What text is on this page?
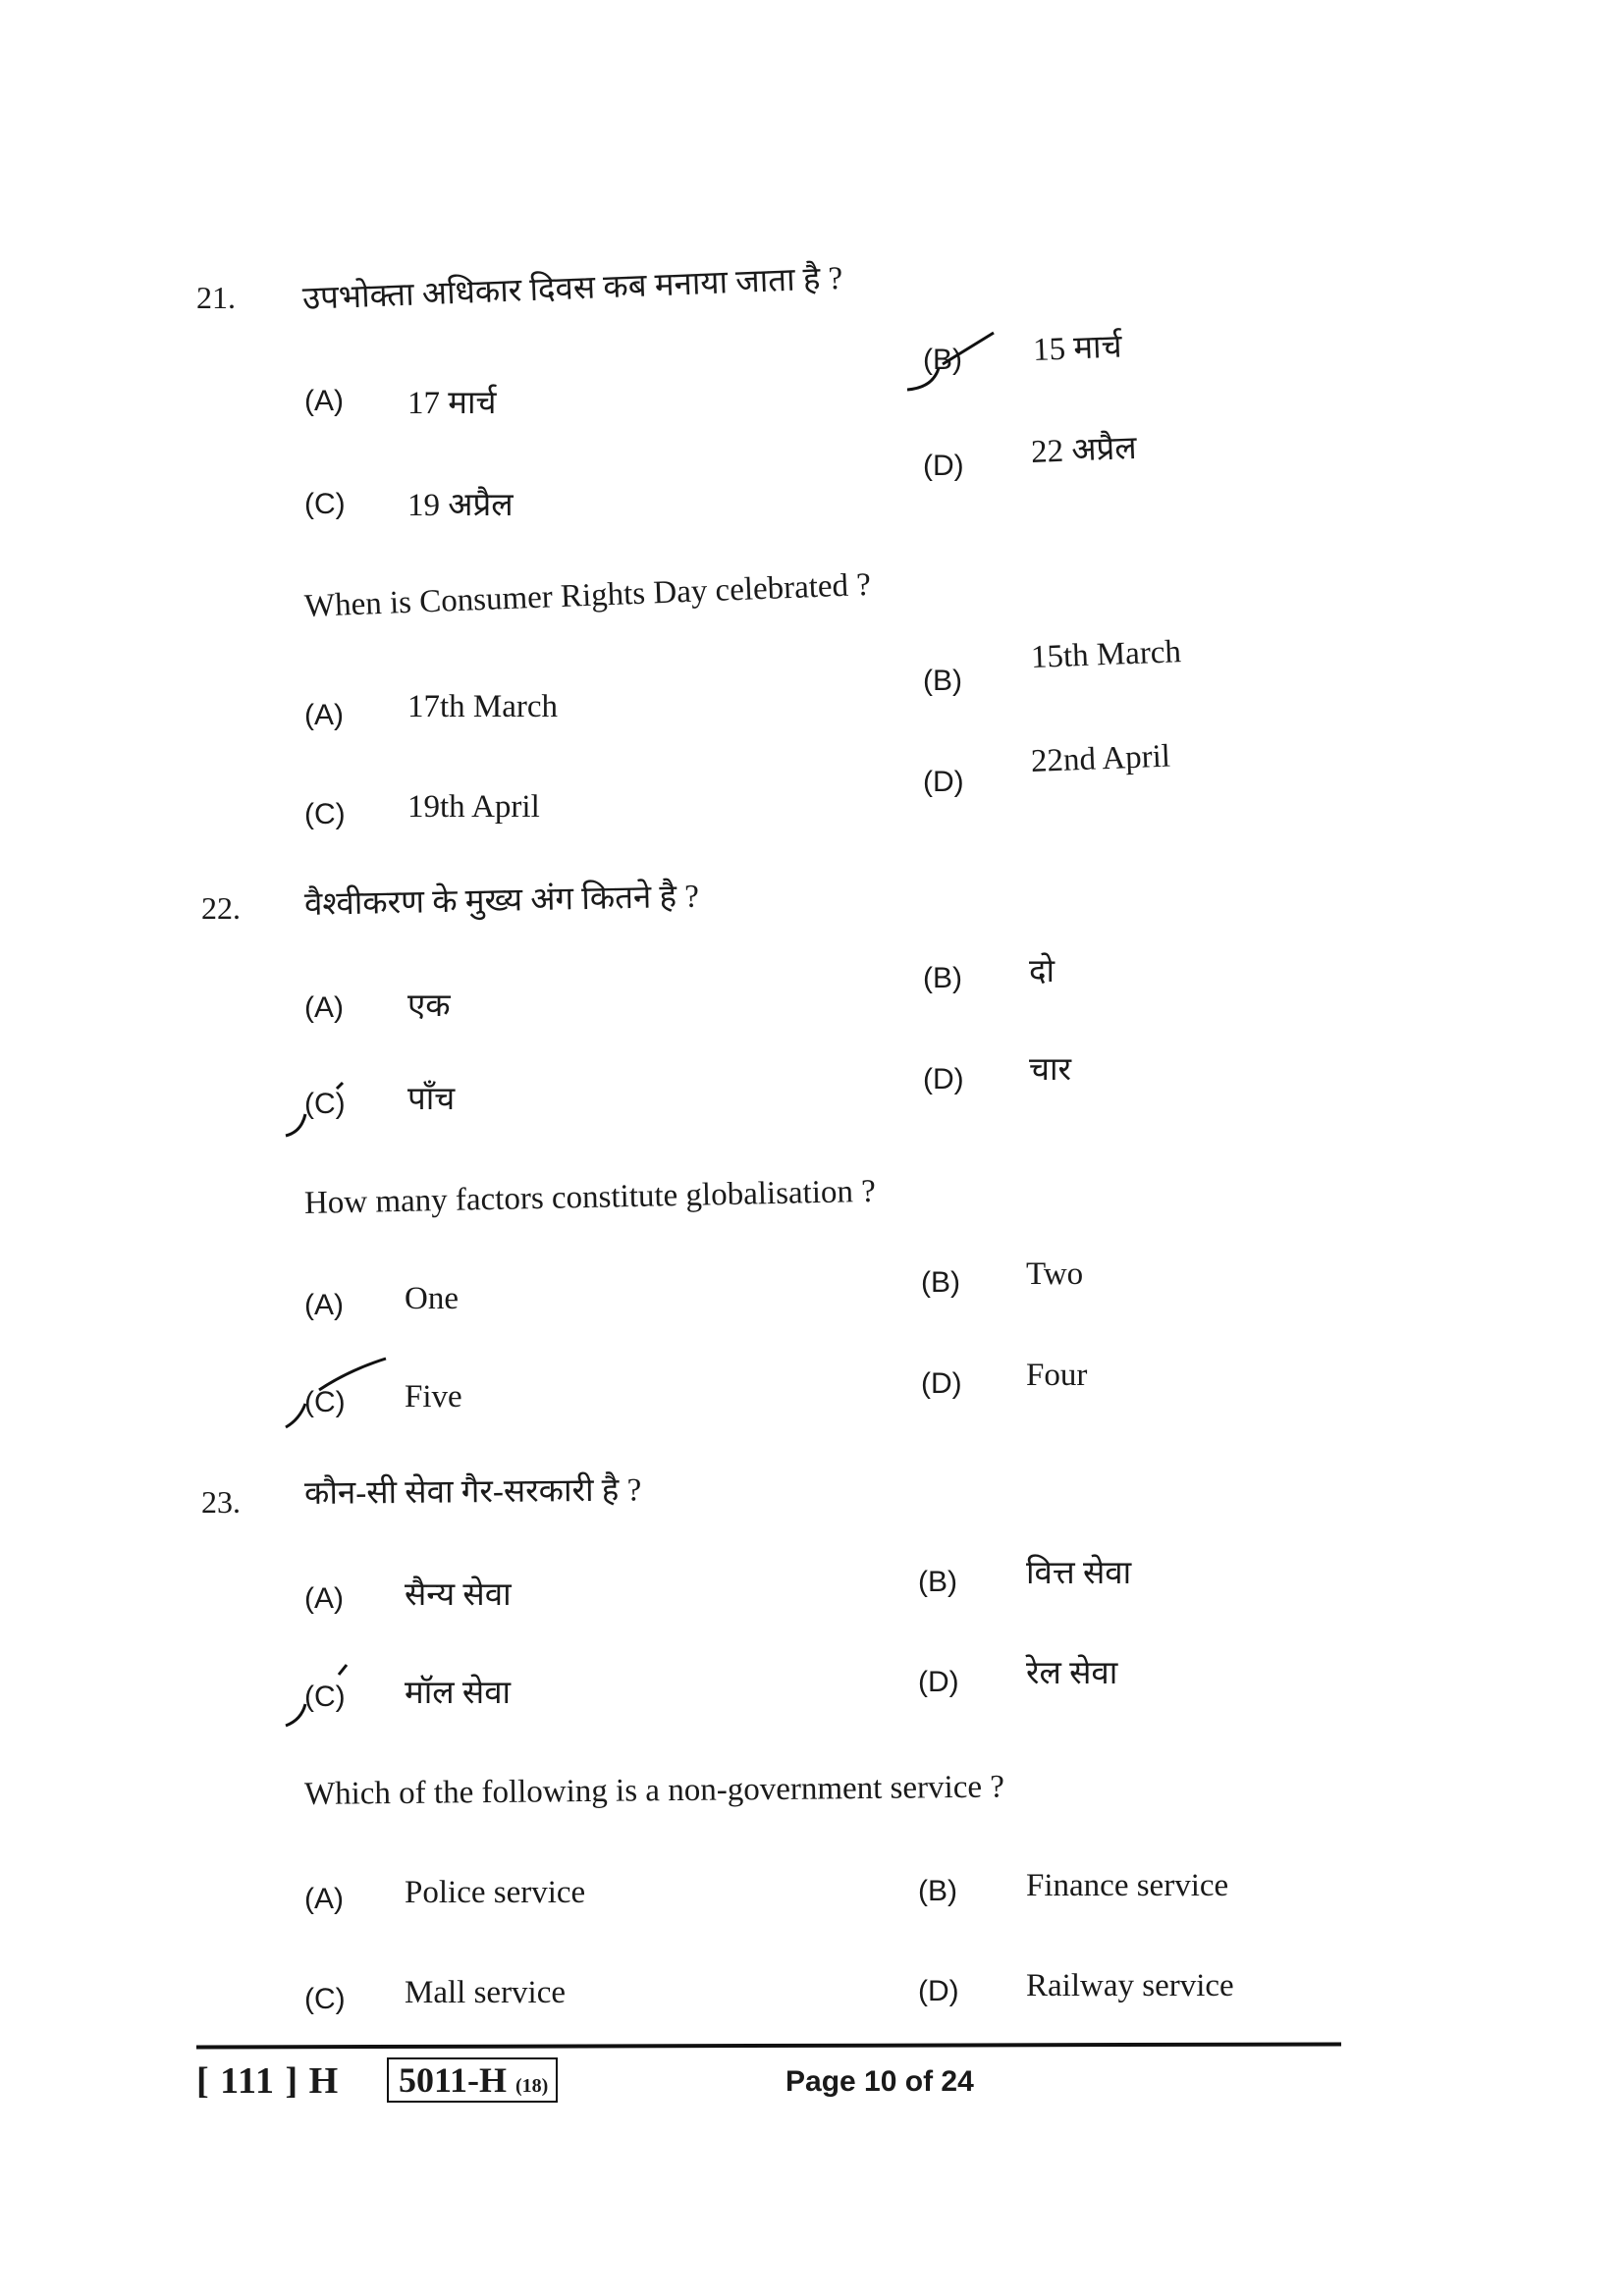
21. उपभोक्ता अधिकार दिवस कब मनाया जाता है ?
(A) 17 मार्च
(B) 15 मार्च
(C) 19 अप्रैल
(D) 22 अप्रैल
When is Consumer Rights Day celebrated ?
(A) 17th March
(B)
15th March
(C) 19th April
(D)
22nd April
22. वैश्वीकरण के मुख्य अंग कितने है ?
(A) एक
(B) दो
(C) पाँच
(D) चार
How many factors constitute globalisation ?
(A) One	(B) Two
(C) Five	(D) Four
23. कौन-सी सेवा गैर-सरकारी है ?
(A) सैन्य सेवा	(B) वित्त सेवा
(C) मॉल सेवा	(D) रेल सेवा
Which of the following is a non-government service ?
(A) Police service	(B) Finance service
(C) Mall service	(D) Railway service
[ 111 ] H	5011-H (18)	Page 10 of 24
